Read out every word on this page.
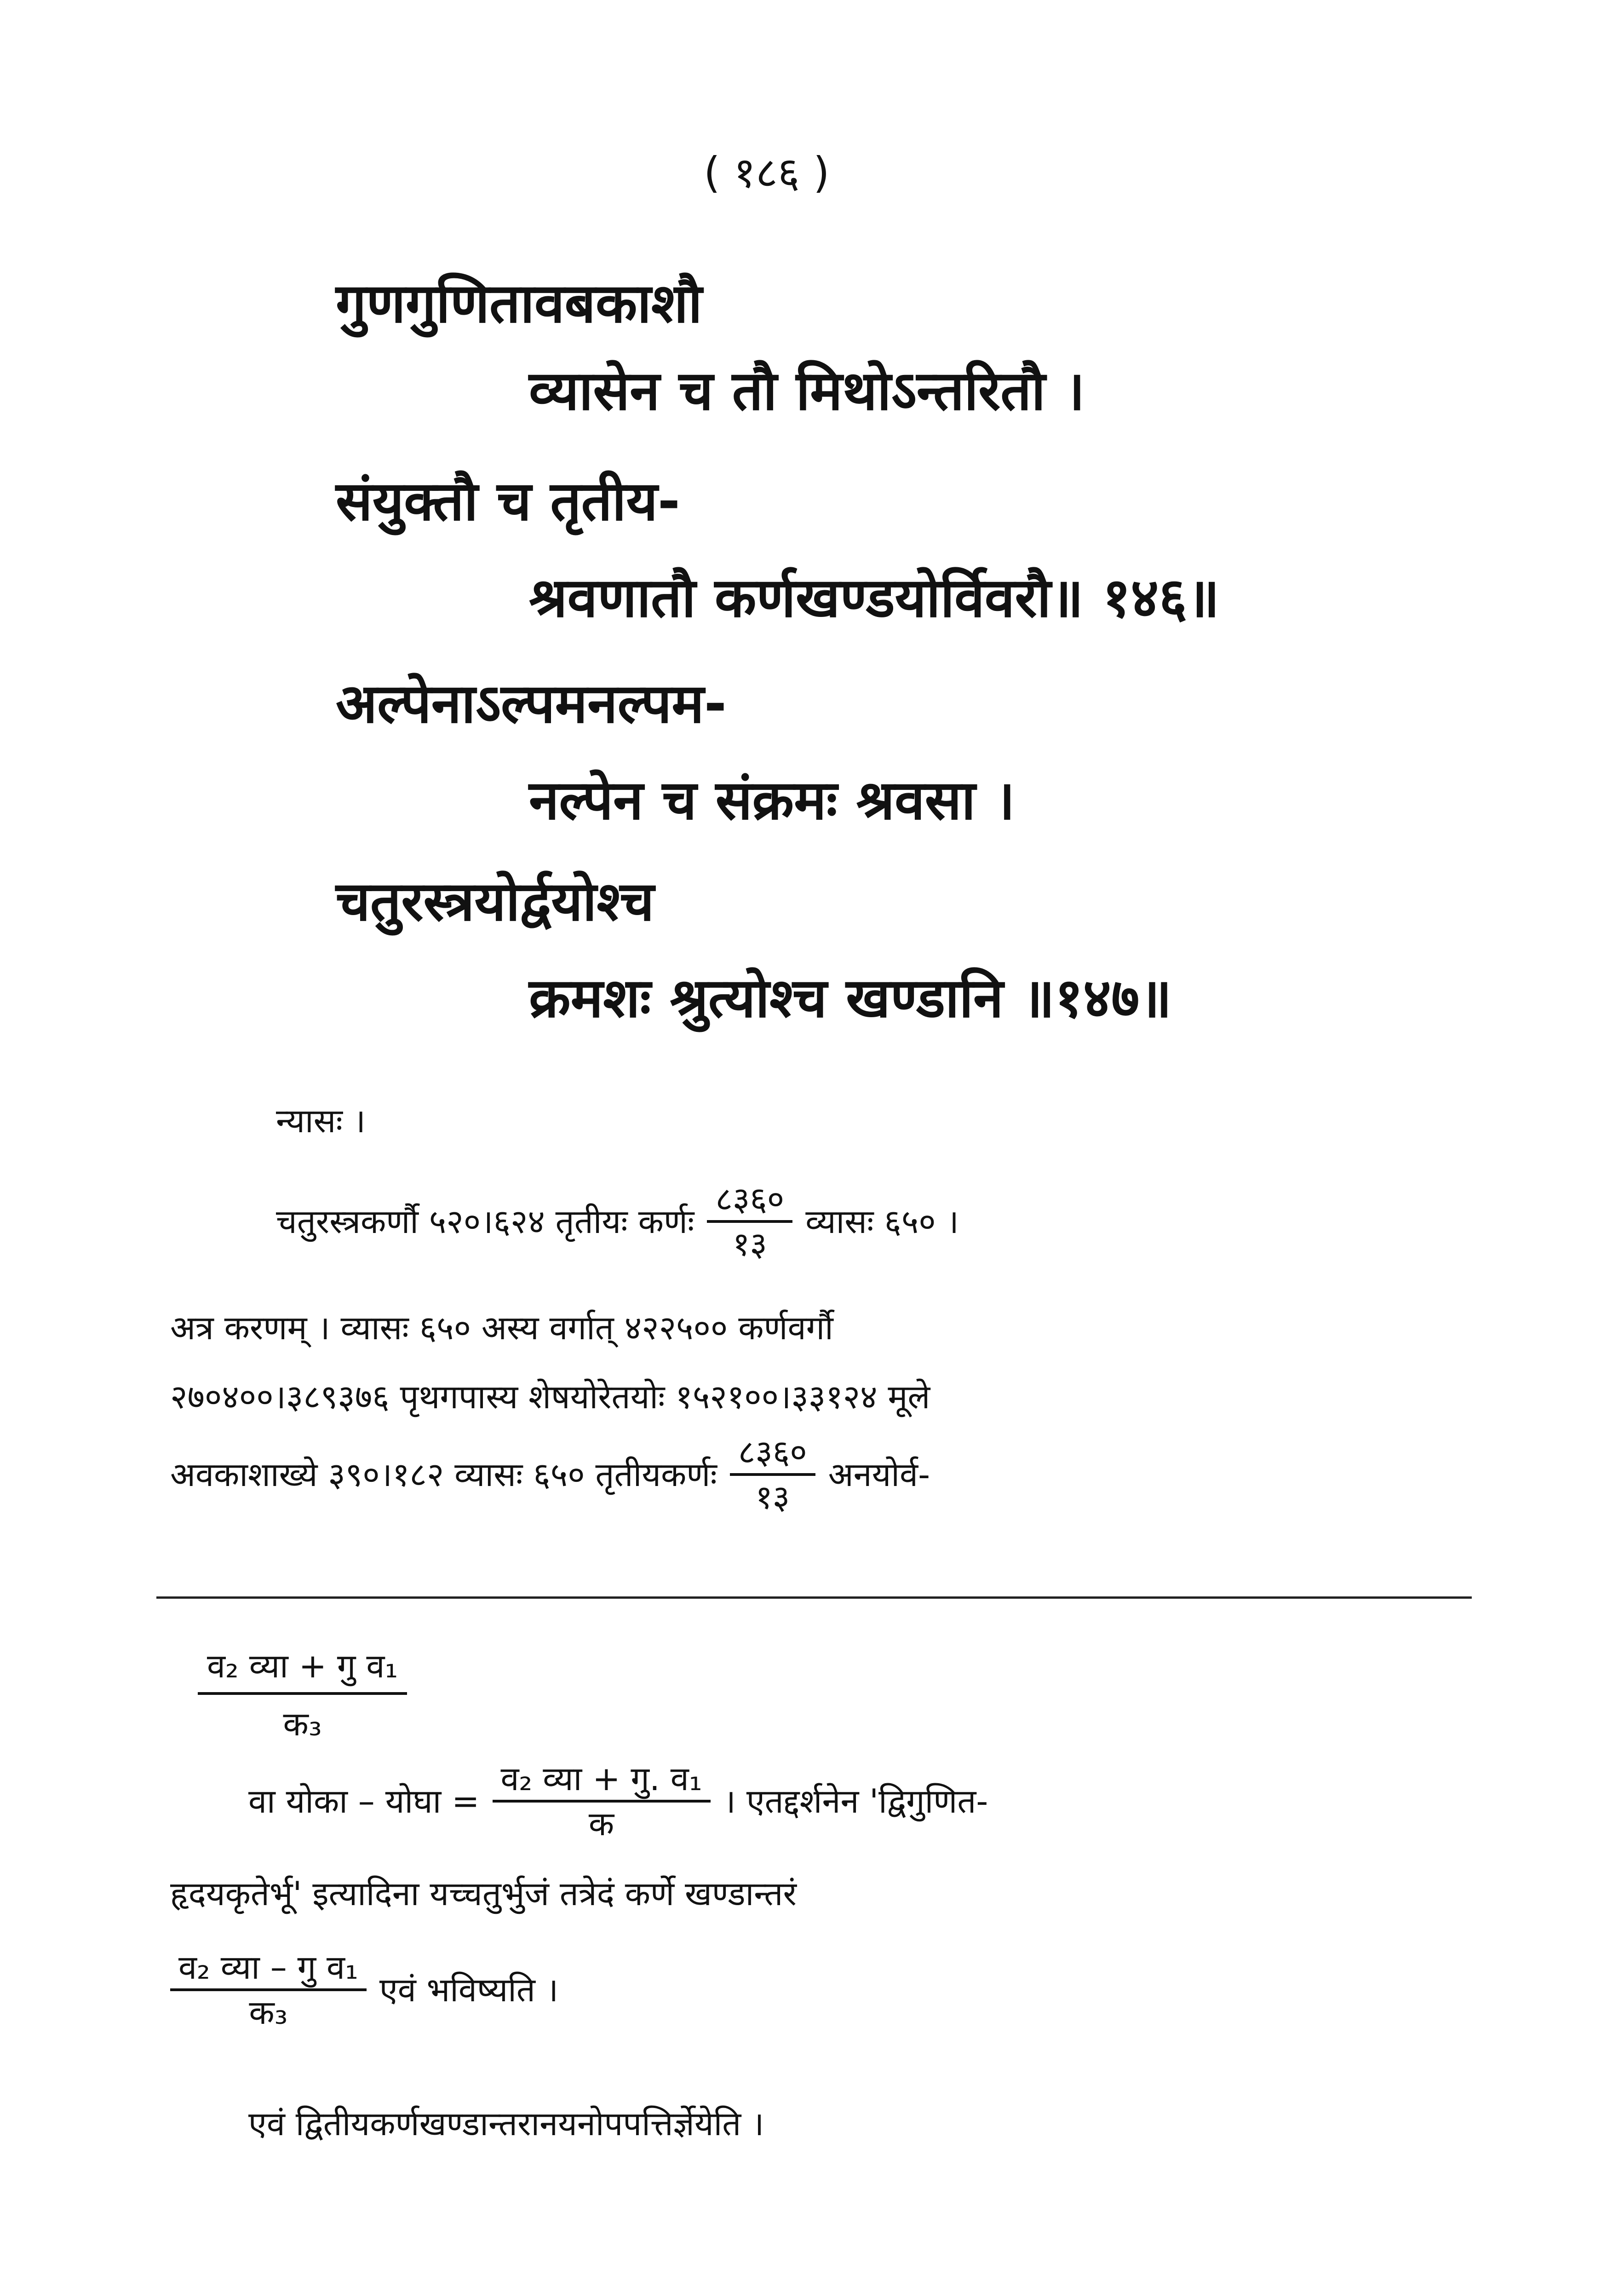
( १८६ )
गुणगुणितावबकाशौ
व्यासेन च तौ मिथोऽन्तरितौ ।
संयुक्तौ च तृतीय-
श्रवणातौ कर्णखण्डयोर्विवरौ॥ १४६॥
अल्पेनाऽल्पमनल्पम-
नल्पेन च संक्रमः श्रवसा ।
चतुरस्त्रयोर्द्वयोश्च
क्रमशः श्रुत्योश्च खण्डानि ॥१४७॥
न्यासः ।
चतुरस्त्रकर्णौ ५२०।६२४ तृतीयः कर्णः
८३६०
१३
व्यासः ६५० ।
अत्र करणम् । व्यासः ६५० अस्य वर्गात् ४२२५०० कर्णवर्गौ
२७०४००।३८९३७६ पृथगपास्य शेषयोरेतयोः १५२१००।३३१२४ मूले
अवकाशाख्ये ३९०।१८२ व्यासः ६५० तृतीयकर्णः
८३६०
१३
अनयोर्व-
व₂ व्या + गु व₁
क₃
वा योका – योघा =
व₂ व्या + गु. व₁
क
। एतद्दर्शनेन 'द्विगुणित-
हृदयकृतेर्भू' इत्यादिना यच्चतुर्भुजं तत्रेदं कर्णे खण्डान्तरं
व₂ व्या – गु व₁
क₃
एवं भविष्यति ।
एवं द्वितीयकर्णखण्डान्तरानयनोपपत्तिर्ज्ञेयेति ।
